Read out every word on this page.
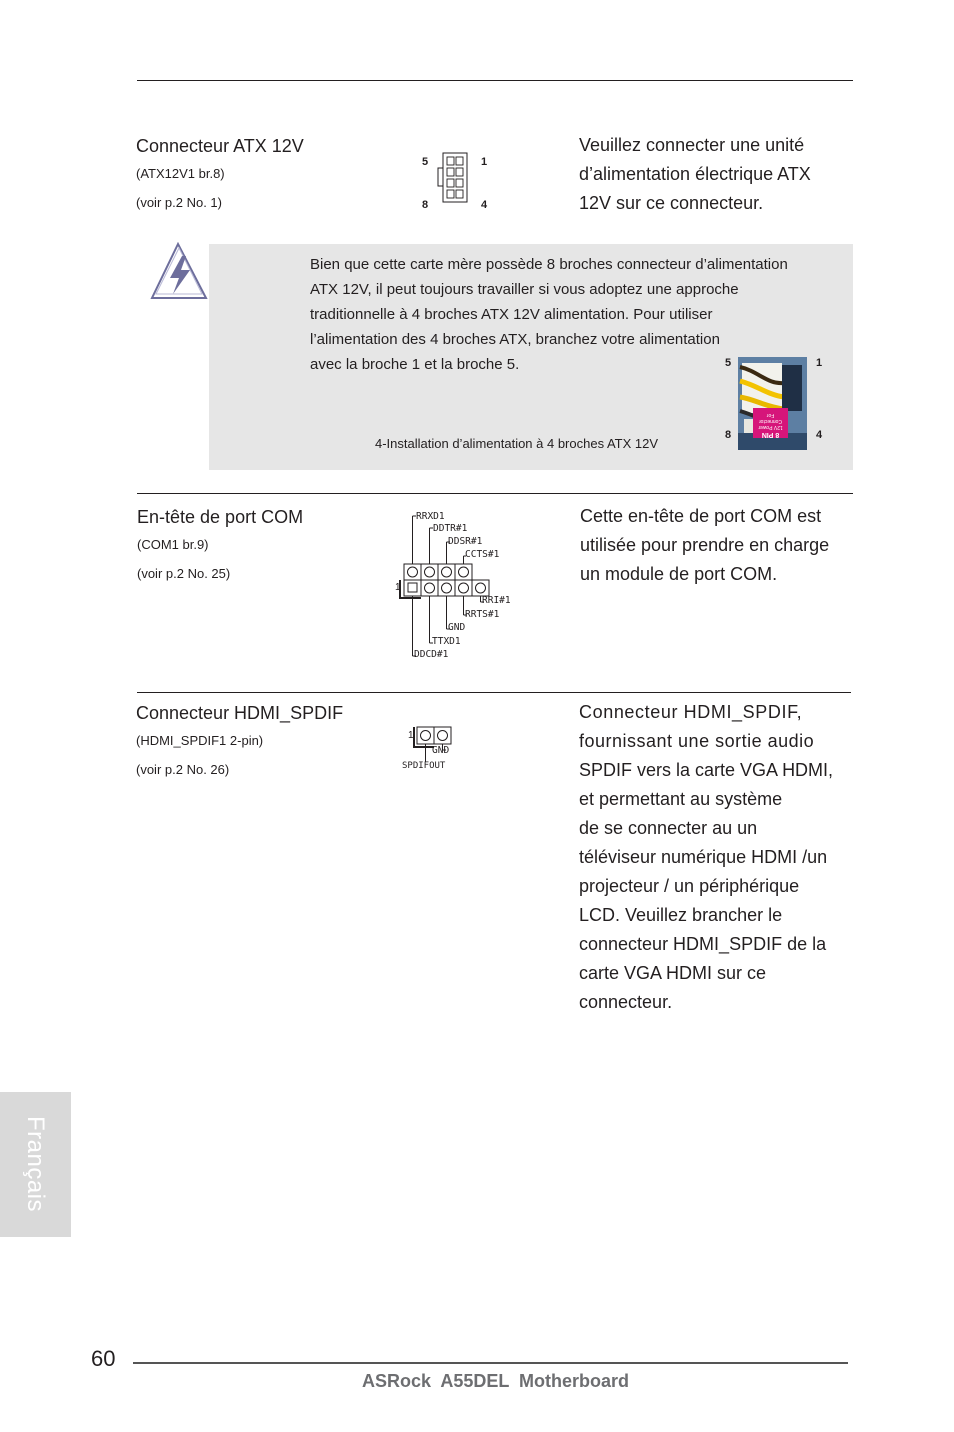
Connecteur ATX 12V
(ATX12V1 br.8)
(voir p.2 No. 1)
5	1
8	4
Veuillez connecter une unité
d’alimentation électrique ATX
12V sur ce connecteur.
Bien que cette carte mère possède 8 broches connecteur d’alimentation
ATX 12V, il peut toujours travailler si vous adoptez une approche
traditionnelle à 4 broches ATX 12V alimentation. Pour utiliser
l’alimentation des 4 broches ATX, branchez votre alimentation
avec la broche 1 et la broche 5.
4-Installation d’alimentation à 4 broches ATX 12V
5	1
8	4
8 PIN
12V Power
Connector
For
En-tête de port COM
(COM1 br.9)
(voir p.2 No. 25)
1
RRXD1
DDTR#1
DDSR#1
CCTS#1
RRI#1
RRTS#1
GND
TTXD1
DDCD#1
Cette en-tête de port COM est
utilisée pour prendre en charge
un module de port COM.
Connecteur HDMI_SPDIF
(HDMI_SPDIF1 2-pin)
(voir p.2 No. 26)
1
GND
SPDIFOUT
Connecteur HDMI_SPDIF,
fournissant une sortie audio
SPDIF vers la carte VGA HDMI,
et permettant au système
de se connecter au un
téléviseur numérique HDMI /un
projecteur / un périphérique
LCD. Veuillez brancher le
connecteur HDMI_SPDIF de la
carte VGA HDMI sur ce
connecteur.
Français
60
ASRock  A55DEL  Motherboard
